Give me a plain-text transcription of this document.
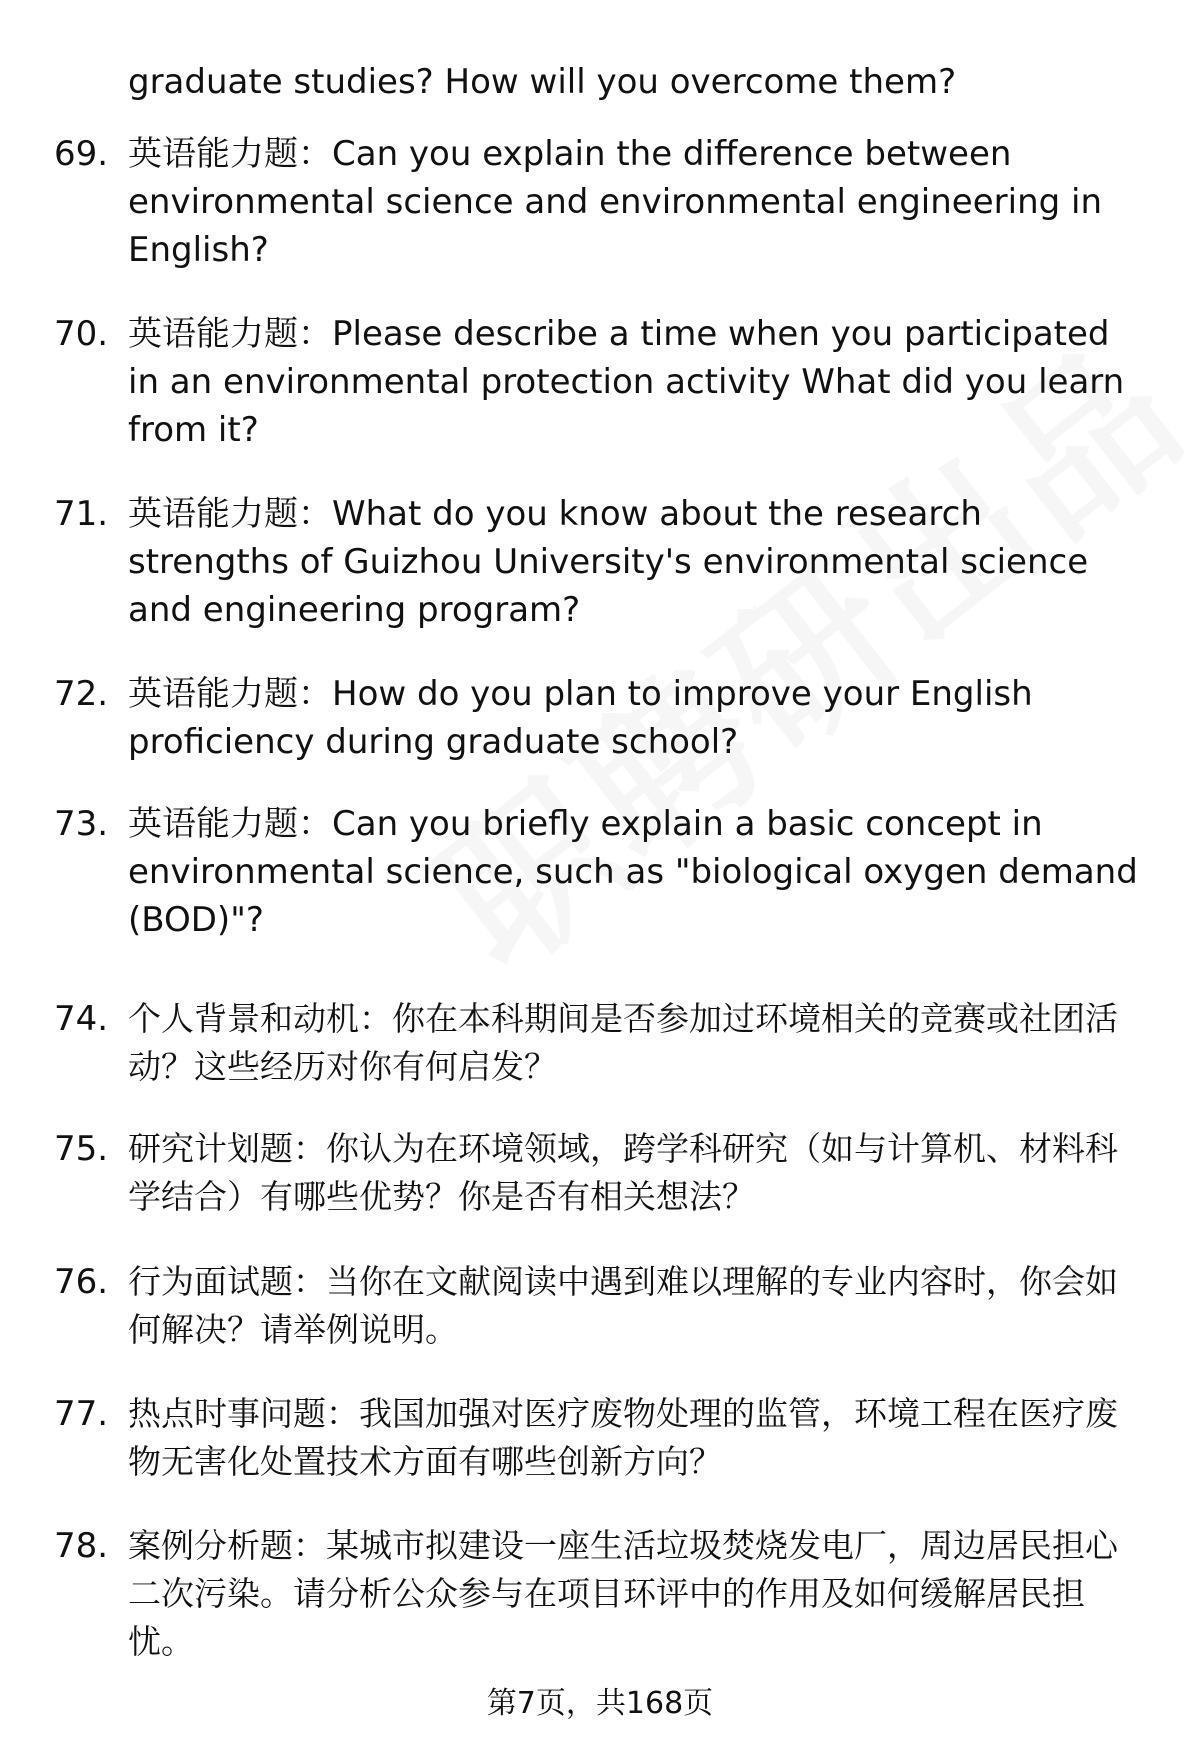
graduate studies? How will you overcome them?
69. 英语能力题：Can you explain the difference between environmental science and environmental engineering in English?
70. 英语能力题：Please describe a time when you participated in an environmental protection activity What did you learn from it?
71. 英语能力题：What do you know about the research strengths of Guizhou University's environmental science and engineering program?
72. 英语能力题：How do you plan to improve your English proficiency during graduate school?
73. 英语能力题：Can you briefly explain a basic concept in environmental science, such as "biological oxygen demand (BOD)"?
74. 个人背景和动机：你在本科期间是否参加过环境相关的竞赛或社团活动？这些经历对你有何启发？
75. 研究计划题：你认为在环境领域，跨学科研究（如与计算机、材料科学结合）有哪些优势？你是否有相关想法？
76. 行为面试题：当你在文献阅读中遇到难以理解的专业内容时，你会如何解决？请举例说明。
77. 热点时事问题：我国加强对医疗废物处理的监管，环境工程在医疗废物无害化处置技术方面有哪些创新方向？
78. 案例分析题：某城市拟建设一座生活垃圾焚烧发电厂，周边居民担心二次污染。请分析公众参与在项目环评中的作用及如何缓解居民担忧。
第7页，共168页
